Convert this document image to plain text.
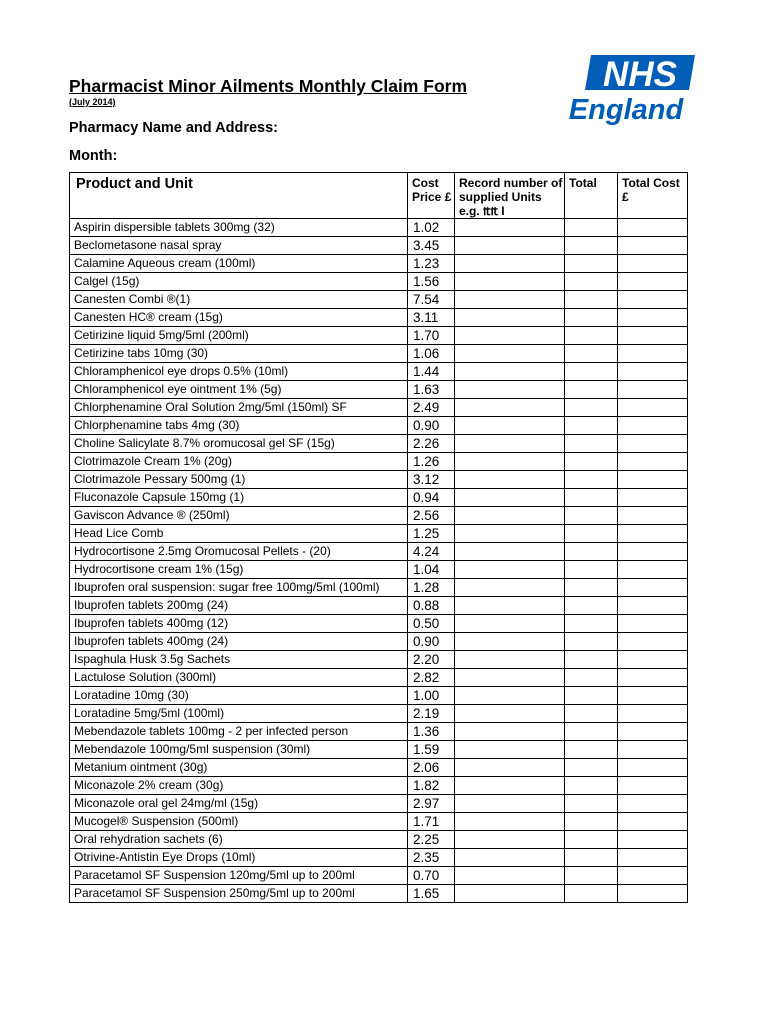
Pharmacist Minor Ailments Monthly Claim Form
(July 2014)
NHS
England
Pharmacy Name and Address:
Month:
Product and Unit	Cost Price £	Record number of supplied Units e.g. ₶₶ I	Total	Total Cost £
Aspirin dispersible tablets 300mg (32)	1.02			
Beclometasone nasal spray	3.45			
Calamine Aqueous cream (100ml)	1.23			
Calgel (15g)	1.56			
Canesten Combi ®(1)	7.54			
Canesten HC® cream (15g)	3.11			
Cetirizine liquid 5mg/5ml (200ml)	1.70			
Cetirizine tabs 10mg (30)	1.06			
Chloramphenicol eye drops 0.5% (10ml)	1.44			
Chloramphenicol eye ointment 1% (5g)	1.63			
Chlorphenamine Oral Solution 2mg/5ml (150ml) SF	2.49			
Chlorphenamine tabs 4mg (30)	0.90			
Choline Salicylate 8.7% oromucosal gel SF (15g)	2.26			
Clotrimazole Cream 1% (20g)	1.26			
Clotrimazole Pessary 500mg (1)	3.12			
Fluconazole Capsule 150mg (1)	0.94			
Gaviscon Advance ® (250ml)	2.56			
Head Lice Comb	1.25			
Hydrocortisone 2.5mg Oromucosal Pellets - (20)	4.24			
Hydrocortisone cream 1% (15g)	1.04			
Ibuprofen oral suspension: sugar free 100mg/5ml (100ml)	1.28			
Ibuprofen tablets 200mg (24)	0.88			
Ibuprofen tablets 400mg (12)	0.50			
Ibuprofen tablets 400mg (24)	0.90			
Ispaghula Husk 3.5g Sachets	2.20			
Lactulose Solution (300ml)	2.82			
Loratadine 10mg (30)	1.00			
Loratadine 5mg/5ml (100ml)	2.19			
Mebendazole tablets 100mg - 2 per infected person	1.36			
Mebendazole 100mg/5ml suspension (30ml)	1.59			
Metanium ointment (30g)	2.06			
Miconazole 2% cream (30g)	1.82			
Miconazole oral gel 24mg/ml (15g)	2.97			
Mucogel® Suspension (500ml)	1.71			
Oral rehydration sachets (6)	2.25			
Otrivine-Antistin Eye Drops (10ml)	2.35			
Paracetamol SF Suspension 120mg/5ml up to 200ml	0.70			
Paracetamol SF Suspension 250mg/5ml up to 200ml	1.65			
